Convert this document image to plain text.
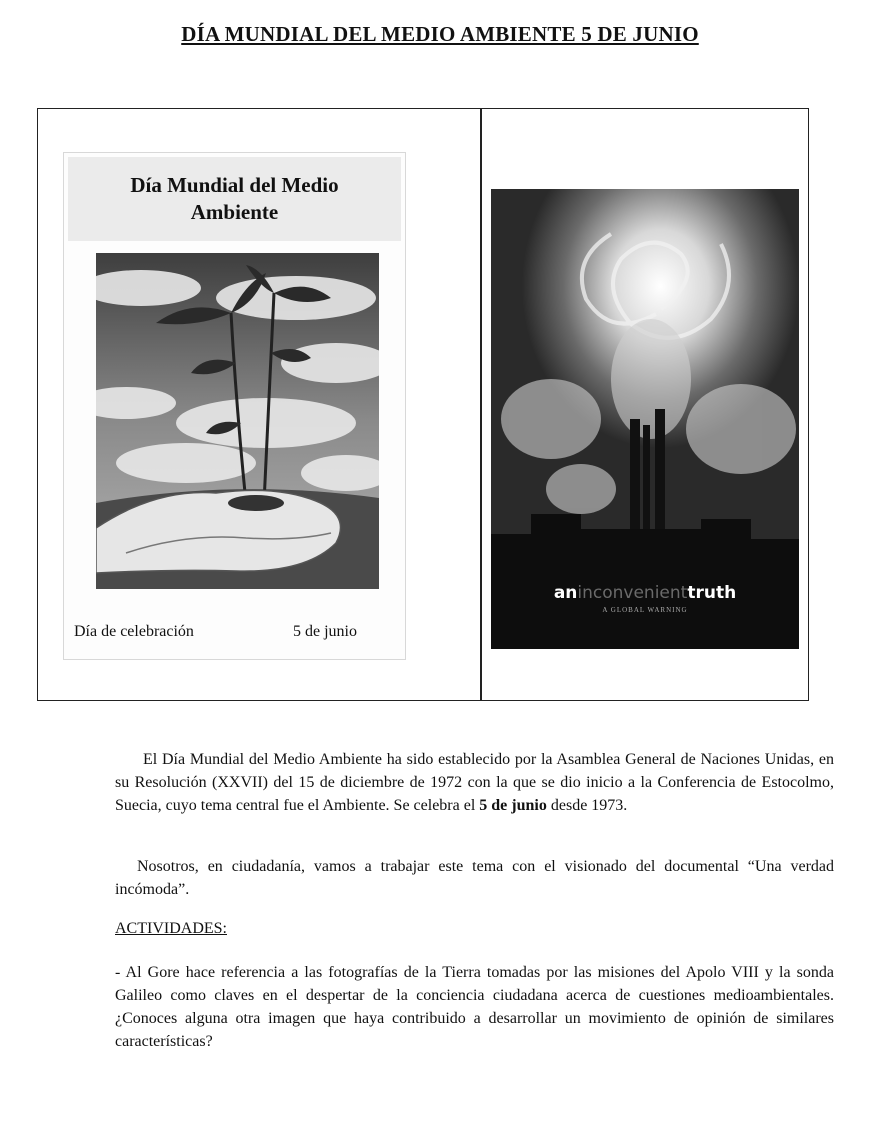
DÍA MUNDIAL DEL MEDIO AMBIENTE 5 DE JUNIO
Día Mundial del Medio Ambiente
Día de celebración	5 de junio
aninconvenienttruth
A GLOBAL WARNING
El Día Mundial del Medio Ambiente ha sido establecido por la Asamblea General de Naciones Unidas, en su Resolución (XXVII) del 15 de diciembre de 1972 con la que se dio inicio a la Conferencia de Estocolmo, Suecia, cuyo tema central fue el Ambiente. Se celebra el 5 de junio desde 1973.
Nosotros, en ciudadanía, vamos a trabajar este tema con el visionado del documental “Una verdad incómoda”.
ACTIVIDADES:
- Al Gore hace referencia a las fotografías de la Tierra tomadas por las misiones del Apolo VIII y la sonda Galileo como claves en el despertar de la conciencia ciudadana acerca de cuestiones medioambientales. ¿Conoces alguna otra imagen que haya contribuido a desarrollar un movimiento de opinión de similares características?
